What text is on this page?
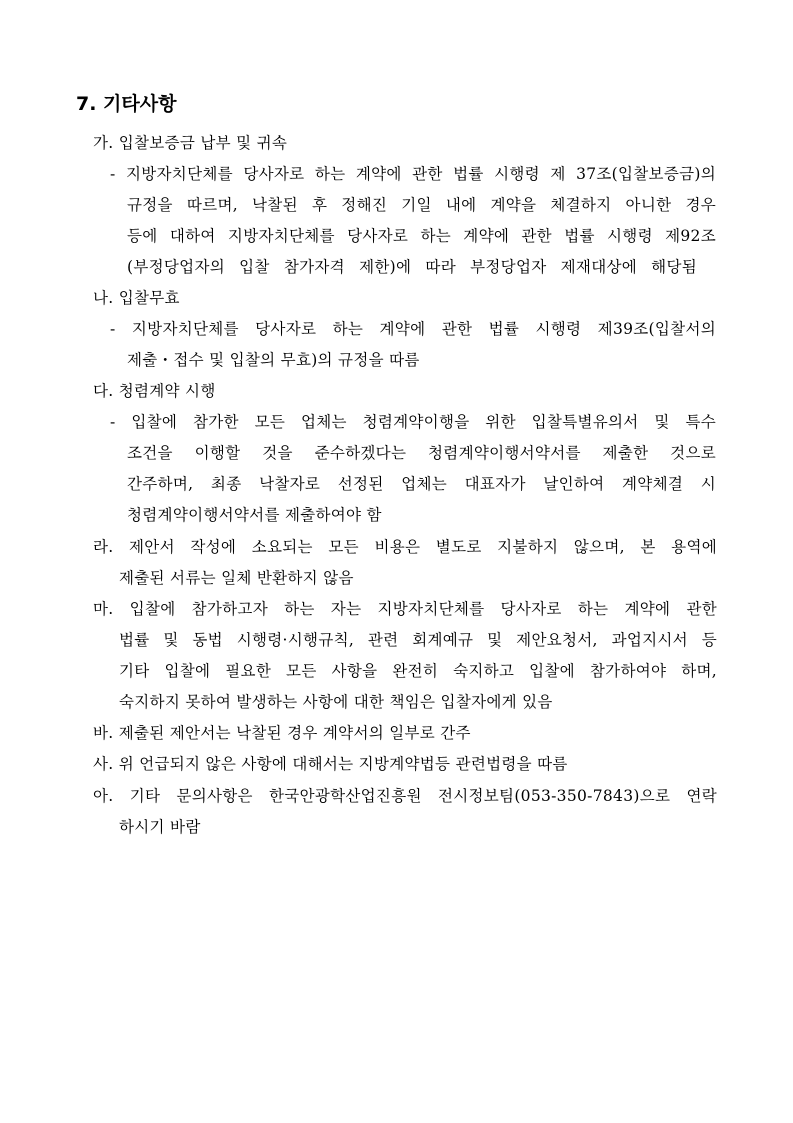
7. 기타사항
가. 입찰보증금 납부 및 귀속
- 지방자치단체를 당사자로 하는 계약에 관한 법률 시행령 제 37조(입찰보증금)의
규정을 따르며, 낙찰된 후 정해진 기일 내에 계약을 체결하지 아니한 경우
등에 대하여 지방자치단체를 당사자로 하는 계약에 관한 법률 시행령 제92조
(부정당업자의 입찰 참가자격 제한)에 따라 부정당업자 제재대상에 해당됨
나. 입찰무효
- 지방자치단체를 당사자로 하는 계약에 관한 법률 시행령 제39조(입찰서의
제출・접수 및 입찰의 무효)의 규정을 따름
다. 청렴계약 시행
- 입찰에 참가한 모든 업체는 청렴계약이행을 위한 입찰특별유의서 및 특수
조건을 이행할 것을 준수하겠다는 청렴계약이행서약서를 제출한 것으로
간주하며, 최종 낙찰자로 선정된 업체는 대표자가 날인하여 계약체결 시
청렴계약이행서약서를 제출하여야 함
라. 제안서 작성에 소요되는 모든 비용은 별도로 지불하지 않으며, 본 용역에
제출된 서류는 일체 반환하지 않음
마. 입찰에 참가하고자 하는 자는 지방자치단체를 당사자로 하는 계약에 관한
법률 및 동법 시행령·시행규칙, 관련 회계예규 및 제안요청서, 과업지시서 등
기타 입찰에 필요한 모든 사항을 완전히 숙지하고 입찰에 참가하여야 하며,
숙지하지 못하여 발생하는 사항에 대한 책임은 입찰자에게 있음
바. 제출된 제안서는 낙찰된 경우 계약서의 일부로 간주
사. 위 언급되지 않은 사항에 대해서는 지방계약법등 관련법령을 따름
아. 기타 문의사항은 한국안광학산업진흥원 전시정보팀(053-350-7843)으로 연락
하시기 바람
